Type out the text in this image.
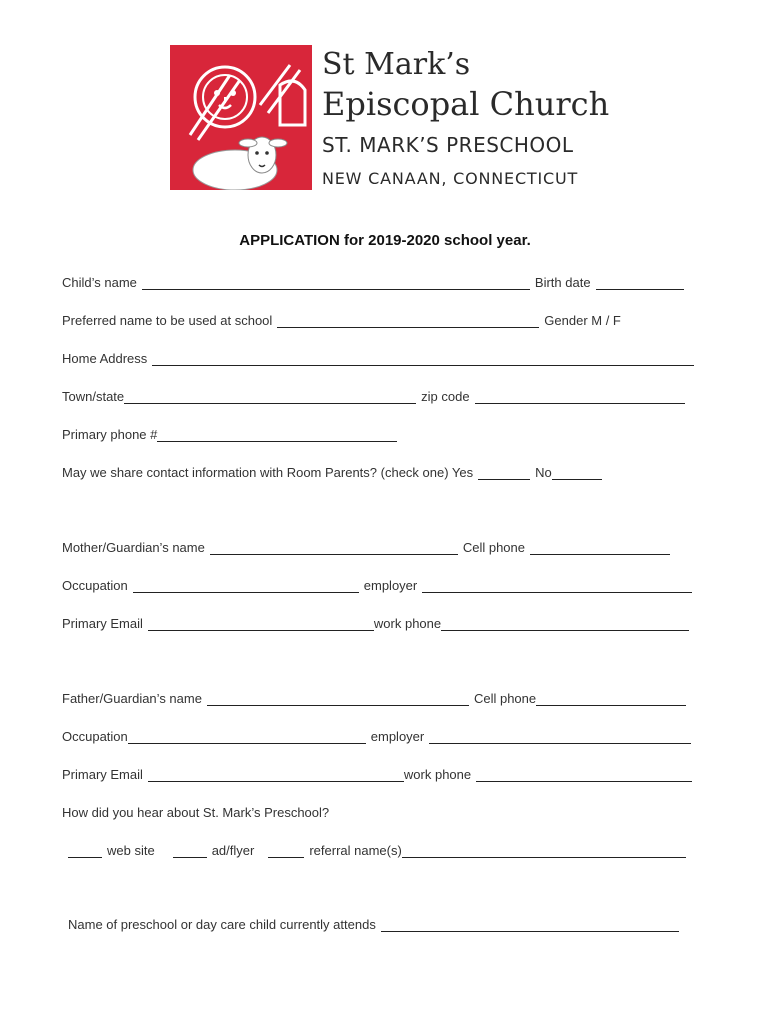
St Mark’s
Episcopal Church
ST. MARK’S PRESCHOOL
NEW CANAAN, CONNECTICUT
APPLICATION for 2019-2020 school year.
Child’s name	Birth date
Preferred name to be used at school	Gender M / F
Home Address
Town/state	zip code
Primary phone #
May we share contact information with Room Parents? (check one) Yes	No
Mother/Guardian’s name	Cell phone
Occupation	employer
Primary Email	work phone
Father/Guardian’s name	Cell phone
Occupation	employer
Primary Email	work phone
How did you hear about St. Mark’s Preschool?
web site	ad/flyer	referral name(s)
Name of preschool or day care child currently attends
